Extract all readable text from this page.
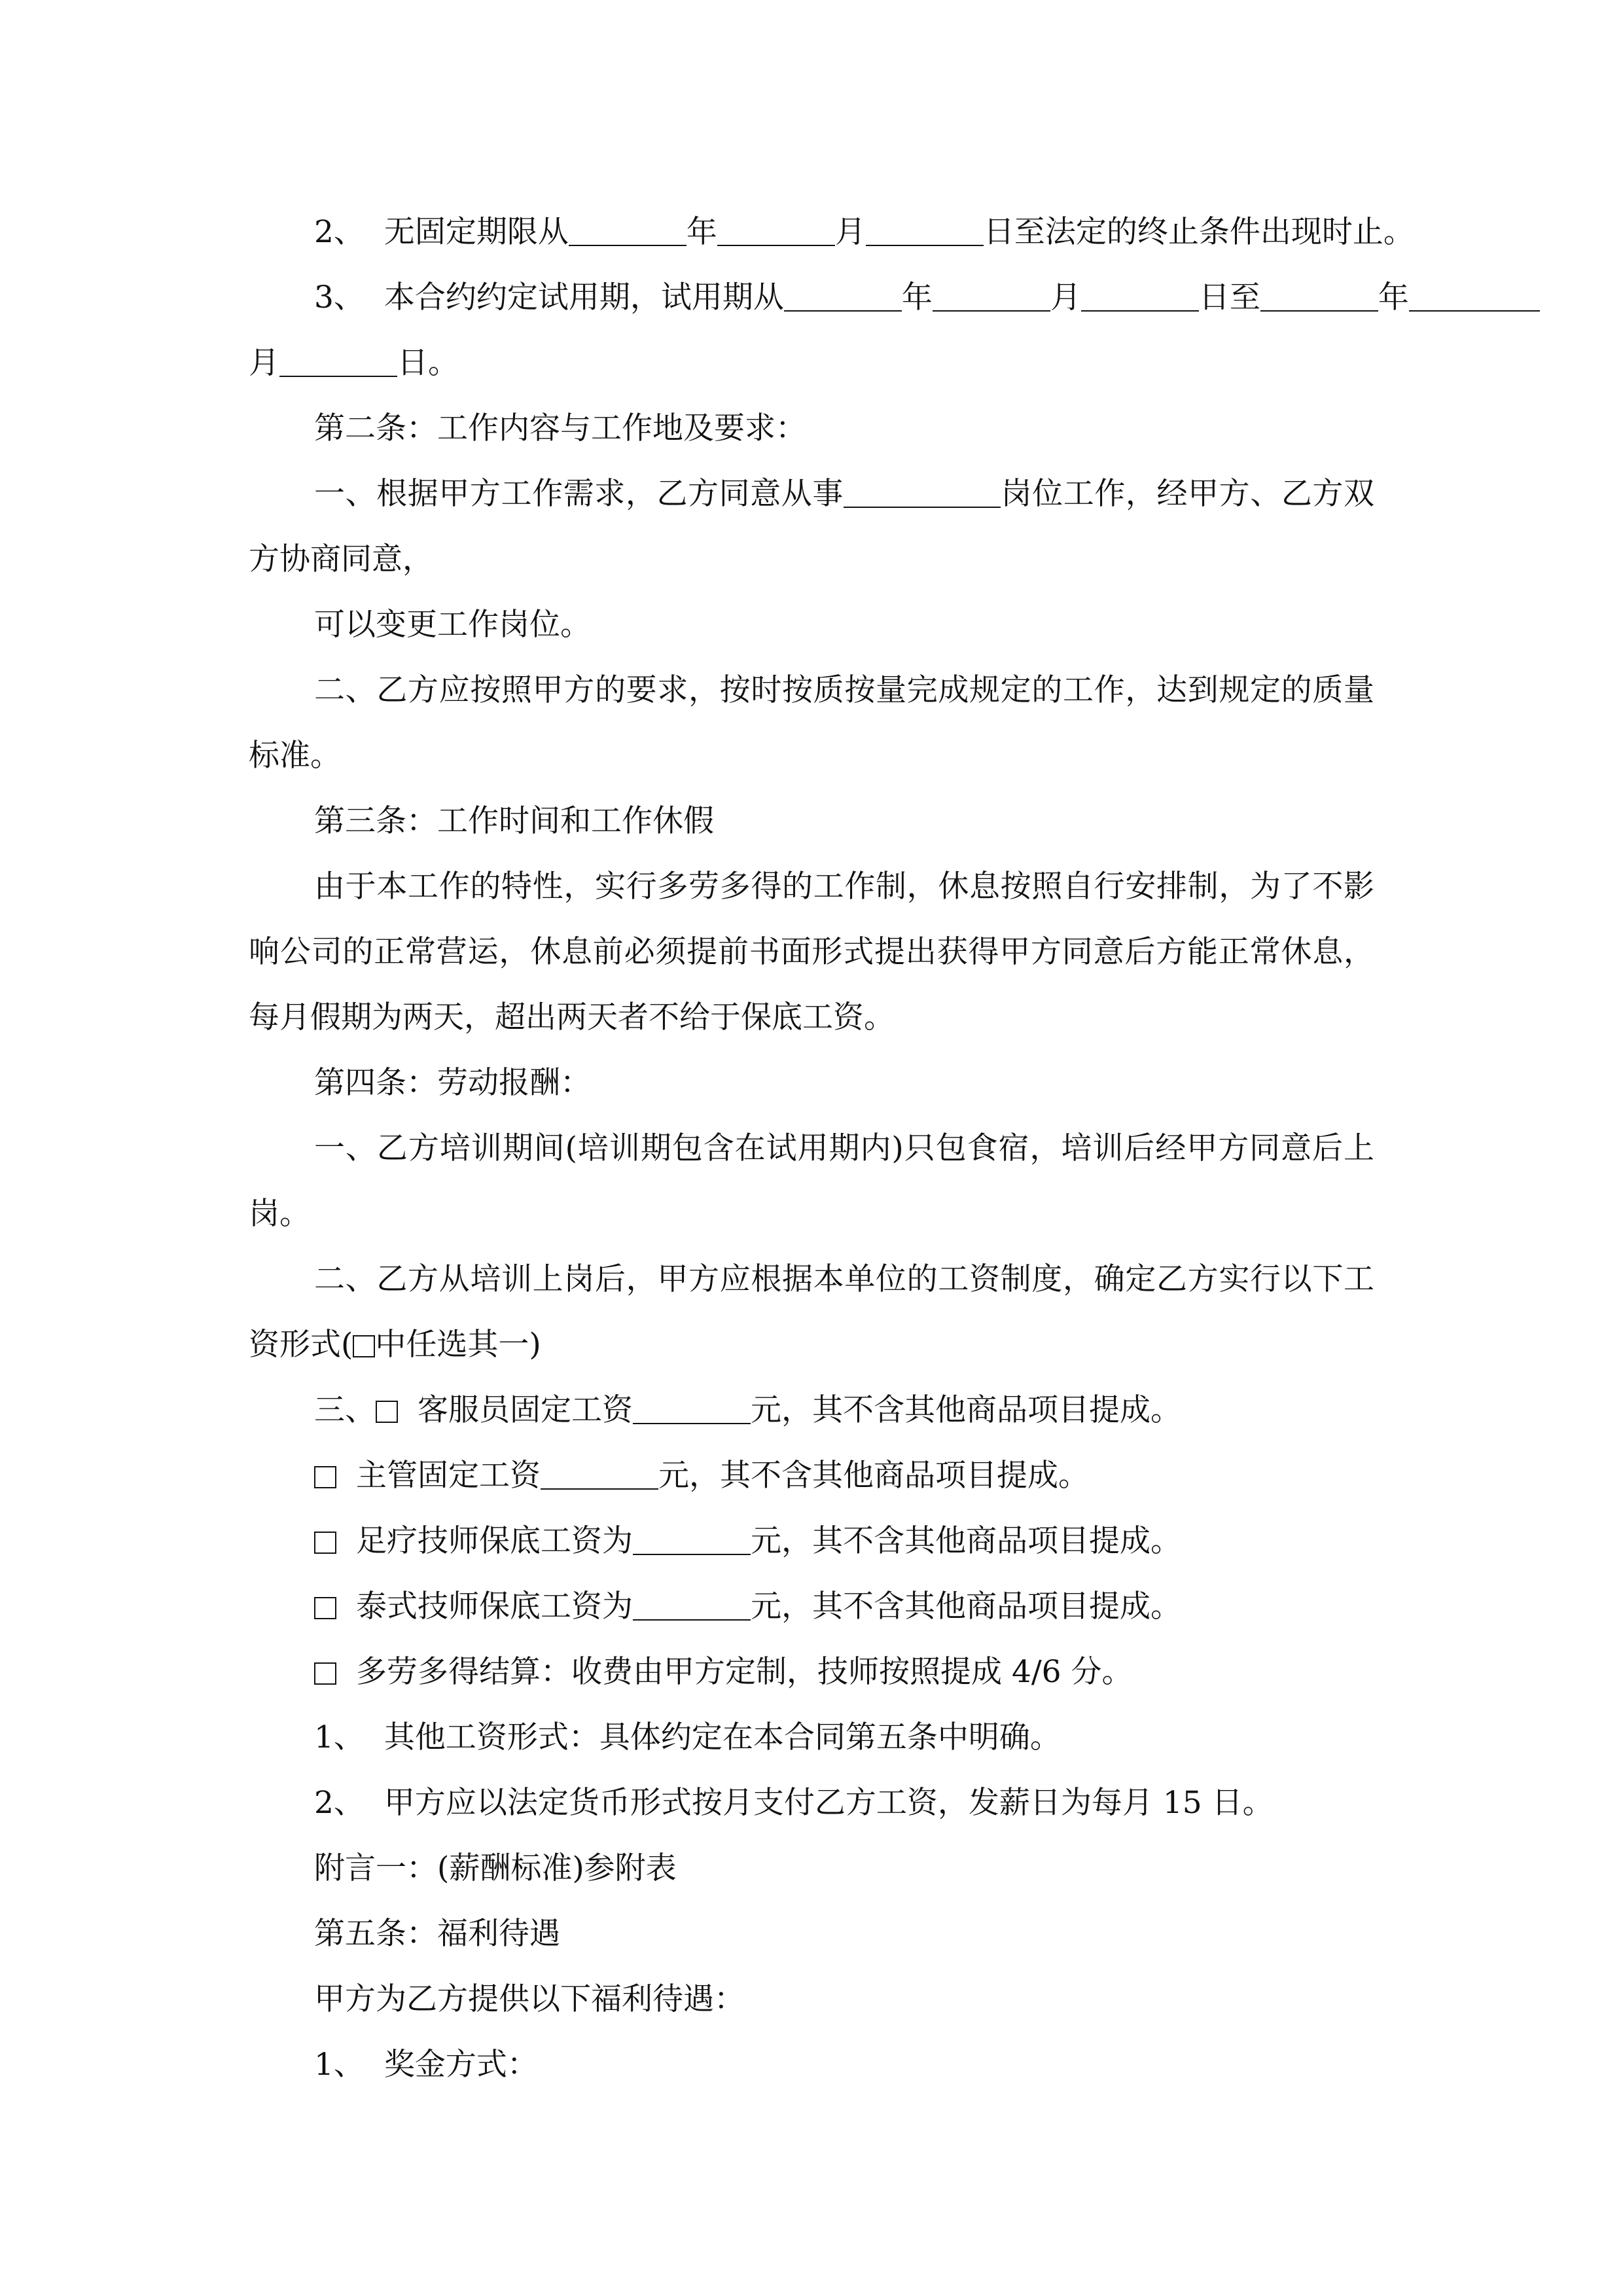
2、 无固定期限从	年	月	日至法定的终止条件出现时止。
3、 本合约约定试用期，试用期从	年	月	日至	年
月	日。
第二条：工作内容与工作地及要求：
一、根据甲方工作需求，乙方同意从事	岗位工作，经甲方、乙方双方协商同意，
可以变更工作岗位。
二、乙方应按照甲方的要求，按时按质按量完成规定的工作，达到规定的质量标准。
第三条：工作时间和工作休假
由于本工作的特性，实行多劳多得的工作制，休息按照自行安排制，为了不影响公司的正常营运，休息前必须提前书面形式提出获得甲方同意后方能正常休息，每月假期为两天，超出两天者不给于保底工资。
第四条：劳动报酬：
一、乙方培训期间(培训期包含在试用期内)只包食宿，培训后经甲方同意后上岗。
二、乙方从培训上岗后，甲方应根据本单位的工资制度，确定乙方实行以下工资形式( 中任选其一)
三、 客服员固定工资	元，其不含其他商品项目提成。
主管固定工资	元，其不含其他商品项目提成。
足疗技师保底工资为	元，其不含其他商品项目提成。
泰式技师保底工资为	元，其不含其他商品项目提成。
多劳多得结算：收费由甲方定制，技师按照提成 4/6 分。
1、 其他工资形式：具体约定在本合同第五条中明确。
2、 甲方应以法定货币形式按月支付乙方工资，发薪日为每月 15 日。
附言一：(薪酬标准)参附表
第五条：福利待遇
甲方为乙方提供以下福利待遇：
1、 奖金方式：
